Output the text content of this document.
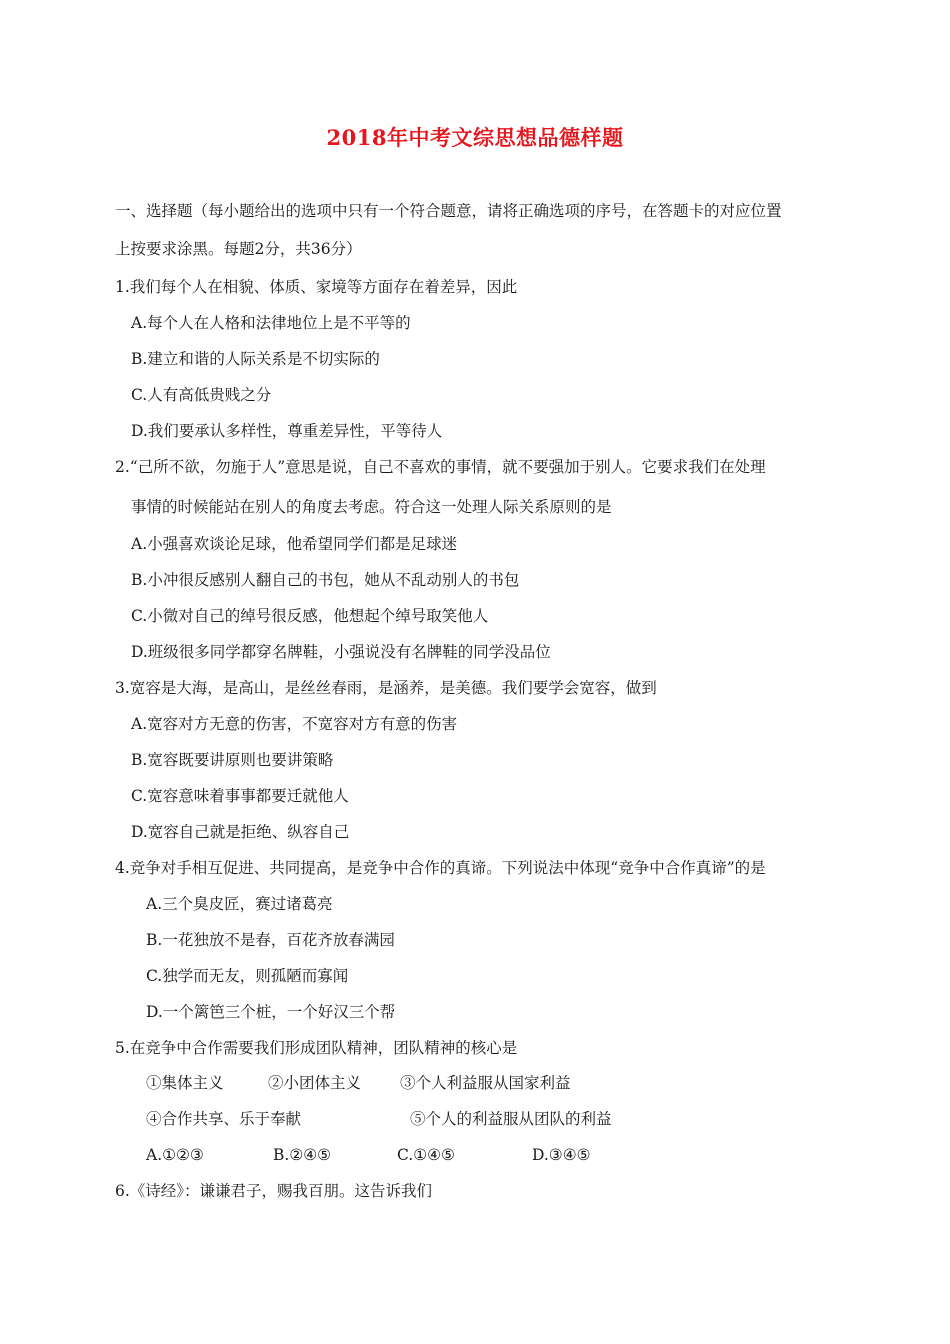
2018年中考文综思想品德样题
一、选择题（每小题给出的选项中只有一个符合题意，请将正确选项的序号，在答题卡的对应位置
上按要求涂黑。每题2分，共36分）
1.我们每个人在相貌、体质、家境等方面存在着差异，因此
A.每个人在人格和法律地位上是不平等的
B.建立和谐的人际关系是不切实际的
C.人有高低贵贱之分
D.我们要承认多样性，尊重差异性，平等待人
2.“己所不欲，勿施于人”意思是说，自己不喜欢的事情，就不要强加于别人。它要求我们在处理
事情的时候能站在别人的角度去考虑。符合这一处理人际关系原则的是
A.小强喜欢谈论足球，他希望同学们都是足球迷
B.小冲很反感别人翻自己的书包，她从不乱动别人的书包
C.小微对自己的绰号很反感，他想起个绰号取笑他人
D.班级很多同学都穿名牌鞋，小强说没有名牌鞋的同学没品位
3.宽容是大海，是高山，是丝丝春雨，是涵养，是美德。我们要学会宽容，做到
A.宽容对方无意的伤害，不宽容对方有意的伤害
B.宽容既要讲原则也要讲策略
C.宽容意味着事事都要迁就他人
D.宽容自己就是拒绝、纵容自己
4.竞争对手相互促进、共同提高，是竞争中合作的真谛。下列说法中体现“竞争中合作真谛”的是
A.三个臭皮匠，赛过诸葛亮
B.一花独放不是春，百花齐放春满园
C.独学而无友，则孤陋而寡闻
D.一个篱笆三个桩，一个好汉三个帮
5.在竞争中合作需要我们形成团队精神，团队精神的核心是
①集体主义	②小团体主义	③个人利益服从国家利益
④合作共享、乐于奉献	⑤个人的利益服从团队的利益
A.①②③	B.②④⑤	C.①④⑤	D.③④⑤
6.《诗经》：谦谦君子，赐我百朋。这告诉我们
